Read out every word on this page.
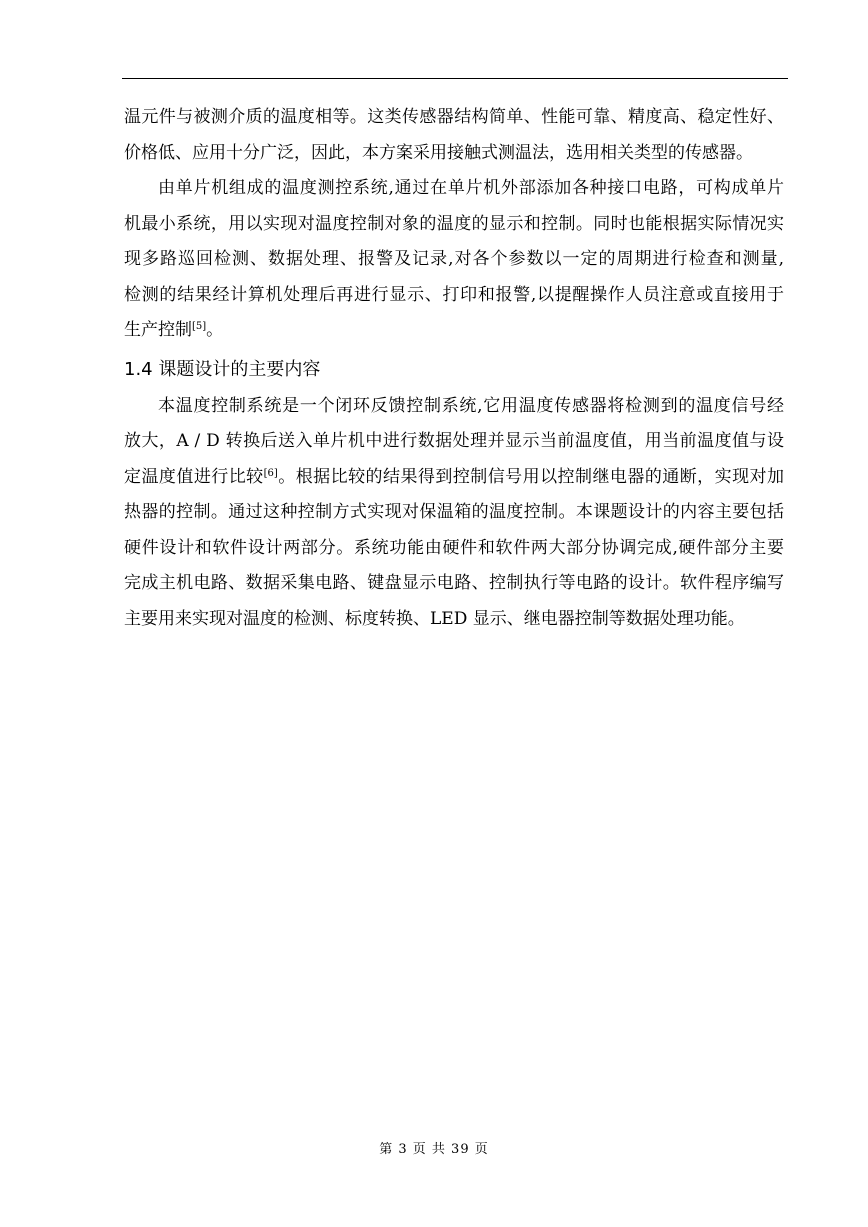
温元件与被测介质的温度相等。这类传感器结构简单、性能可靠、精度高、稳定性好、
价格低、应用十分广泛，因此，本方案采用接触式测温法，选用相关类型的传感器。
由单片机组成的温度测控系统,通过在单片机外部添加各种接口电路，可构成单片
机最小系统，用以实现对温度控制对象的温度的显示和控制。同时也能根据实际情况实
现多路巡回检测、数据处理、报警及记录,对各个参数以一定的周期进行检查和测量,
检测的结果经计算机处理后再进行显示、打印和报警,以提醒操作人员注意或直接用于
生产控制[5]。
1.4 课题设计的主要内容
本温度控制系统是一个闭环反馈控制系统,它用温度传感器将检测到的温度信号经
放大，A / D 转换后送入单片机中进行数据处理并显示当前温度值，用当前温度值与设
定温度值进行比较[6]。根据比较的结果得到控制信号用以控制继电器的通断，实现对加
热器的控制。通过这种控制方式实现对保温箱的温度控制。本课题设计的内容主要包括
硬件设计和软件设计两部分。系统功能由硬件和软件两大部分协调完成,硬件部分主要
完成主机电路、数据采集电路、键盘显示电路、控制执行等电路的设计。软件程序编写
主要用来实现对温度的检测、标度转换、LED 显示、继电器控制等数据处理功能。
第 3 页 共 39 页
